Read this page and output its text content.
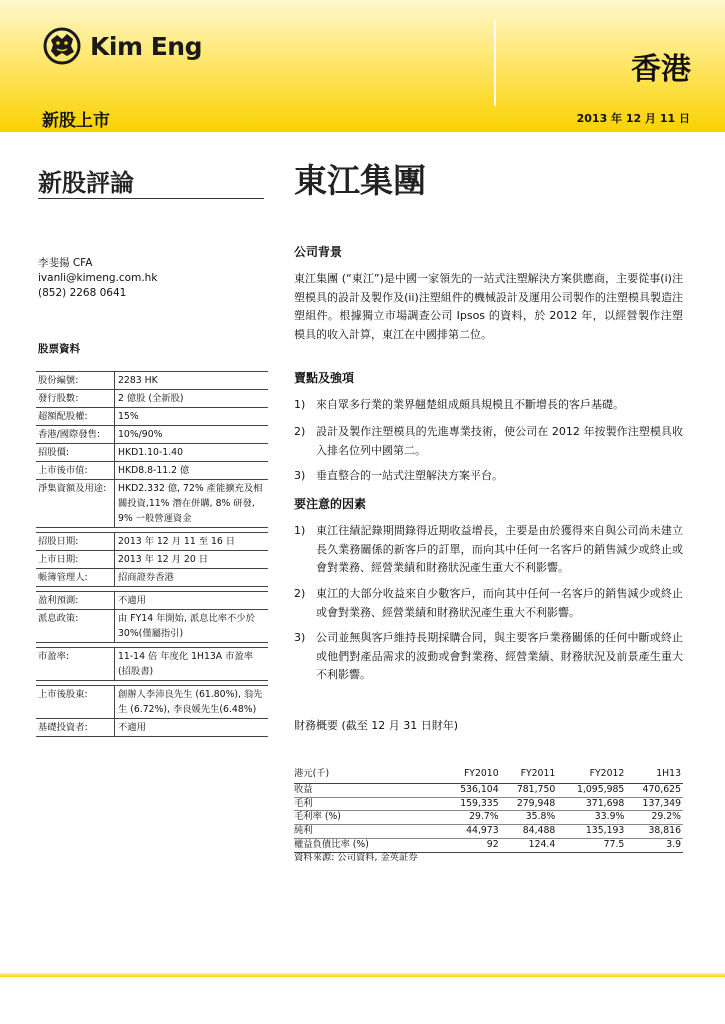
Kim Eng
香港
新股上市	2013 年 12 月 11 日
新股評論	東江集團
李斐揚 CFA
ivanli@kimeng.com.hk
(852) 2268 0641
股票資料
股份編號:	2283 HK
發行股數:	2 億股 (全新股)
超額配股權:	15%
香港/國際發售:	10%/90%
招股價:	HKD1.10-1.40
上市後市值:	HKD8.8-11.2 億
淨集資額及用途:	HKD2.332 億, 72% 產能擴充及相關投資,11% 潛在併購, 8% 研發, 9% 一般營運資金
招股日期:	2013 年 12 月 11 至 16 日
上市日期:	2013 年 12 月 20 日
帳簿管理人:	招商證券香港
盈利預測:	不適用
派息政策:	由 FY14 年開始, 派息比率不少於 30%(僅屬指引)
市盈率:	11-14 倍 年度化 1H13A 市盈率 (招股書)
上市後股東:	創辦人李沛良先生 (61.80%), 翁先生 (6.72%), 李良媛先生(6.48%)
基礎投資者:	不適用
公司背景
東江集團 (“東江”)是中國一家領先的一站式注塑解決方案供應商，主要從事(i)注塑模具的設計及製作及(ii)注塑組件的機械設計及運用公司製作的注塑模具製造注塑組件。根據獨立市場調查公司 Ipsos 的資料，於 2012 年，以經營製作注塑模具的收入計算，東江在中國排第二位。
賣點及強項
1) 來自眾多行業的業界翹楚組成頗具規模且不斷增長的客戶基礎。
2) 設計及製作注塑模具的先進專業技術，使公司在 2012 年按製作注塑模具收入排名位列中國第二。
3) 垂直整合的一站式注塑解決方案平台。
要注意的因素
1) 東江往績記錄期間錄得近期收益增長，主要是由於獲得來自與公司尚未建立長久業務關係的新客戶的訂單，而向其中任何一名客戶的銷售減少或終止或會對業務、經營業績和財務狀況產生重大不利影響。
2) 東江的大部分收益來自少數客戶，而向其中任何一名客戶的銷售減少或終止或會對業務、經營業績和財務狀況產生重大不利影響。
3) 公司並無與客戶維持長期採購合同，與主要客戶業務關係的任何中斷或終止或他們對產品需求的波動或會對業務、經營業績、財務狀況及前景產生重大不利影響。
財務概要 (截至 12 月 31 日財年)
港元(千)	FY2010	FY2011	FY2012	1H13
收益	536,104	781,750	1,095,985	470,625
毛利	159,335	279,948	371,698	137,349
毛利率 (%)	29.7%	35.8%	33.9%	29.2%
純利	44,973	84,488	135,193	38,816
權益負債比率 (%)	92	124.4	77.5	3.9
資料來源: 公司資料, 金英証券
